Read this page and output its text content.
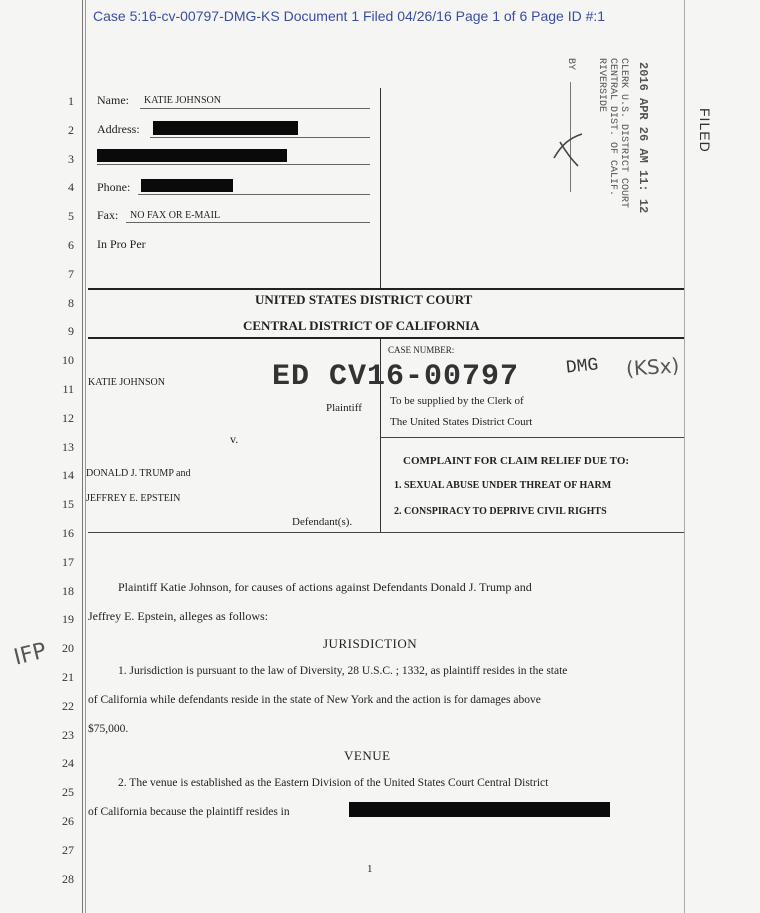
Case 5:16-cv-00797-DMG-KS Document 1 Filed 04/26/16 Page 1 of 6 Page ID #:1
1
2
3
4
5
6
7
8
9
10
11
12
13
14
15
16
17
18
19
20
21
22
23
24
25
26
27
28
Name: KATIE JOHNSON
Address:
Phone:
Fax: NO FAX OR E-MAIL
In Pro Per
BY	CLERK U.S. DISTRICT COURT
CENTRAL DIST. OF CALIF.
RIVERSIDE	2016 APR 26 AM 11: 12	FILED
UNITED STATES DISTRICT COURT
CENTRAL DISTRICT OF CALIFORNIA
KATIE JOHNSON
Plaintiff
v.
DONALD J. TRUMP and
JEFFREY E. EPSTEIN
Defendant(s).
CASE NUMBER:
ED CV16-00797	DMG (KSx)
To be supplied by the Clerk of
The United States District Court
COMPLAINT FOR CLAIM RELIEF DUE TO:
1. SEXUAL ABUSE UNDER THREAT OF HARM
2. CONSPIRACY TO DEPRIVE CIVIL RIGHTS
Plaintiff Katie Johnson, for causes of actions against Defendants Donald J. Trump and
Jeffrey E. Epstein, alleges as follows:
JURISDICTION
IFP
1. Jurisdiction is pursuant to the law of Diversity, 28 U.S.C. ; 1332, as plaintiff resides in the state
of California while defendants reside in the state of New York and the action is for damages above
$75,000.
VENUE
2. The venue is established as the Eastern Division of the United States Court Central District
of California because the plaintiff resides in
1
